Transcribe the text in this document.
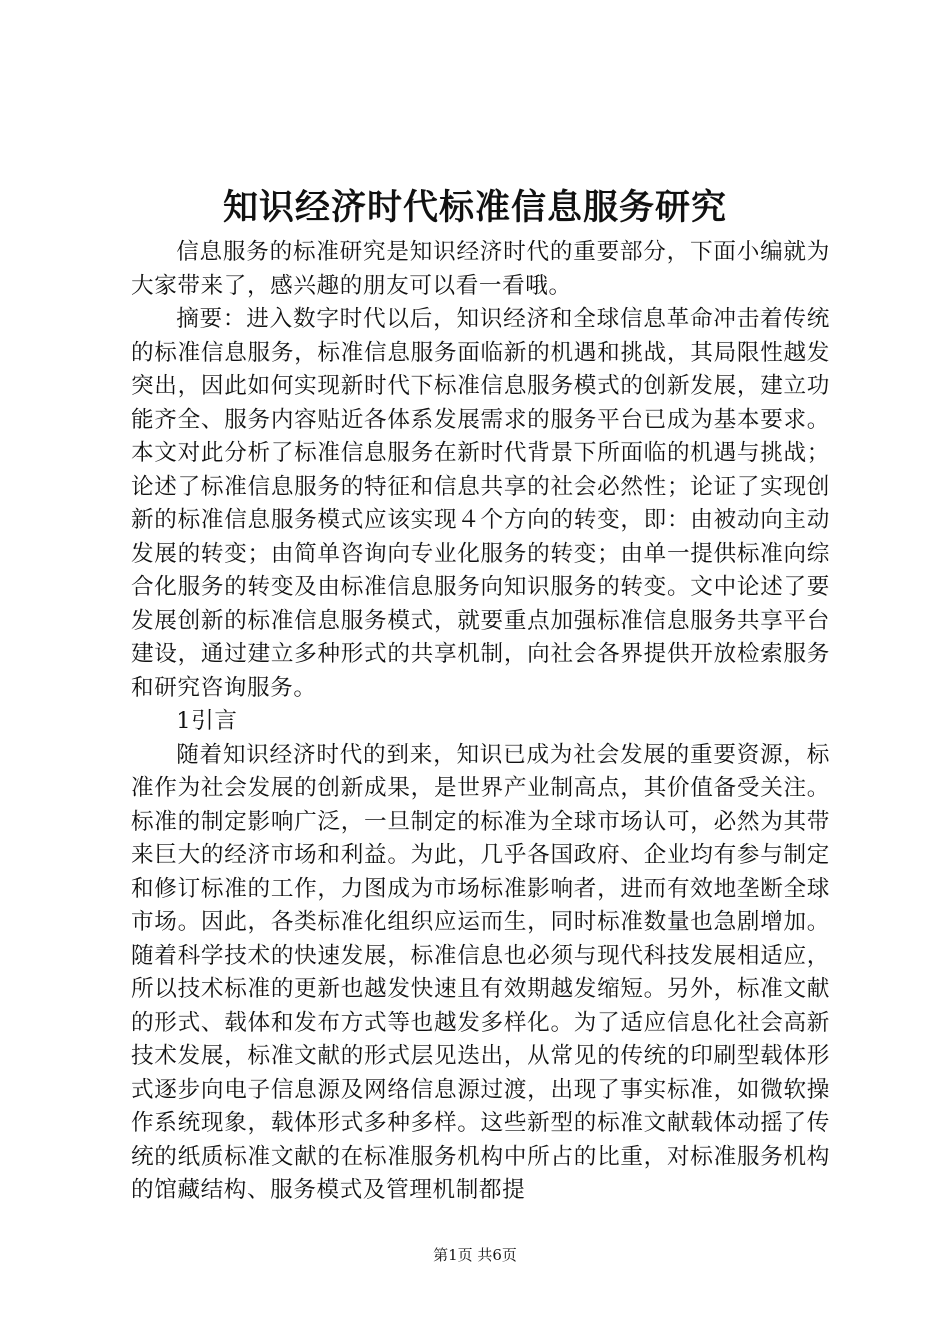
知识经济时代标准信息服务研究

信息服务的标准研究是知识经济时代的重要部分，下面小编就为大家带来了，感兴趣的朋友可以看一看哦。

摘要：进入数字时代以后，知识经济和全球信息革命冲击着传统的标准信息服务，标准信息服务面临新的机遇和挑战，其局限性越发突出，因此如何实现新时代下标准信息服务模式的创新发展，建立功能齐全、服务内容贴近各体系发展需求的服务平台已成为基本要求。本文对此分析了标准信息服务在新时代背景下所面临的机遇与挑战；论述了标准信息服务的特征和信息共享的社会必然性；论证了实现创新的标准信息服务模式应该实现４个方向的转变，即：由被动向主动发展的转变；由简单咨询向专业化服务的转变；由单一提供标准向综合化服务的转变及由标准信息服务向知识服务的转变。文中论述了要发展创新的标准信息服务模式，就要重点加强标准信息服务共享平台建设，通过建立多种形式的共享机制，向社会各界提供开放检索服务和研究咨询服务。

1引言

随着知识经济时代的到来，知识已成为社会发展的重要资源，标准作为社会发展的创新成果，是世界产业制高点，其价值备受关注。标准的制定影响广泛，一旦制定的标准为全球市场认可，必然为其带来巨大的经济市场和利益。为此，几乎各国政府、企业均有参与制定和修订标准的工作，力图成为市场标准影响者，进而有效地垄断全球市场。因此，各类标准化组织应运而生，同时标准数量也急剧增加。随着科学技术的快速发展，标准信息也必须与现代科技发展相适应，所以技术标准的更新也越发快速且有效期越发缩短。另外，标准文献的形式、载体和发布方式等也越发多样化。为了适应信息化社会高新技术发展，标准文献的形式层见迭出，从常见的传统的印刷型载体形式逐步向电子信息源及网络信息源过渡，出现了事实标准，如微软操作系统现象，载体形式多种多样。这些新型的标准文献载体动摇了传统的纸质标准文献的在标准服务机构中所占的比重，对标准服务机构的馆藏结构、服务模式及管理机制都提

第1页 共6页
